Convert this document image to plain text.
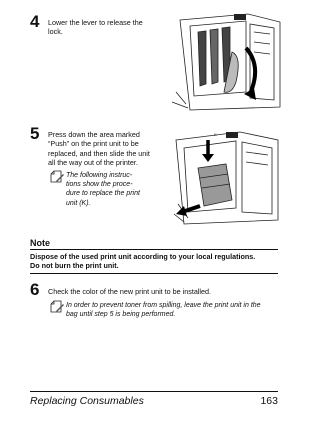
4 Lower the lever to release the
lock.
5 Press down the area marked
“Push” on the print unit to be
replaced, and then slide the unit
all the way out of the printer.
The following instruc-
tions show the proce-
dure to replace the print
unit (K).
K
Note
Dispose of the used print unit according to your local regulations.
Do not burn the print unit.
6 Check the color of the new print unit to be installed.
In order to prevent toner from spilling, leave the print unit in the
bag until step 5 is being performed.
Replacing Consumables	163
